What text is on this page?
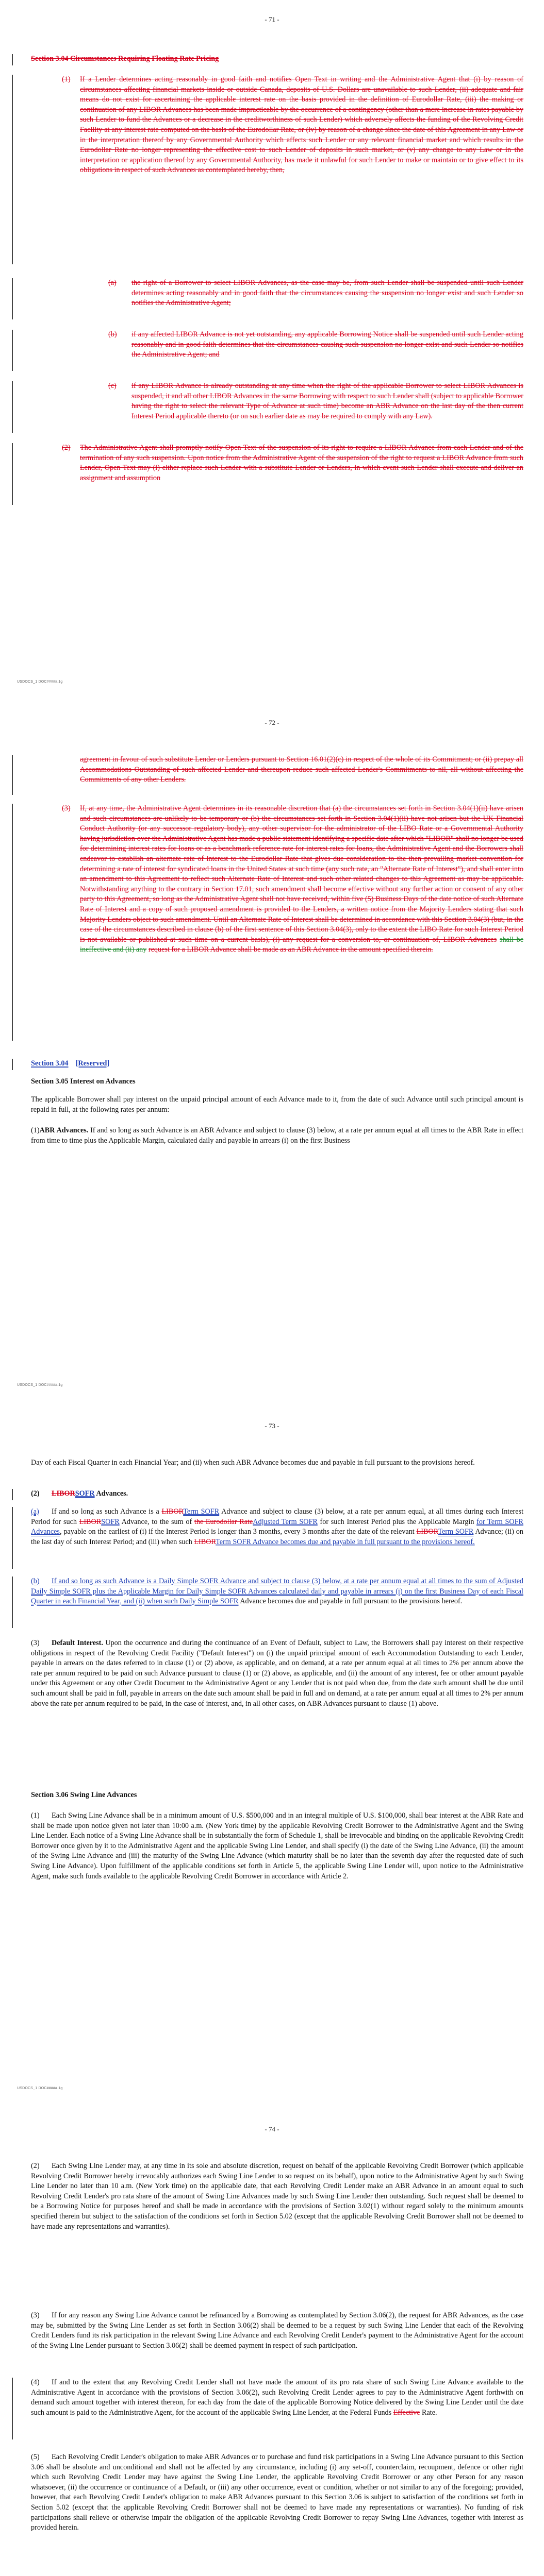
- 71 -

Section 3.04 Circumstances Requiring Floating Rate Pricing

(1) If a Lender determines acting reasonably in good faith and notifies Open Text in writing and the Administrative Agent that (i) by reason of circumstances affecting financial markets inside or outside Canada, deposits of U.S. Dollars are unavailable to such Lender, (ii) adequate and fair means do not exist for ascertaining the applicable interest rate on the basis provided in the definition of Eurodollar Rate, (iii) the making or continuation of any LIBOR Advances has been made impracticable by the occurrence of a contingency (other than a mere increase in rates payable by such Lender to fund the Advances or a decrease in the creditworthiness of such Lender) which adversely affects the funding of the Revolving Credit Facility at any interest rate computed on the basis of the Eurodollar Rate, or (iv) by reason of a change since the date of this Agreement in any Law or in the interpretation thereof by any Governmental Authority which affects such Lender or any relevant financial market and which results in the Eurodollar Rate no longer representing the effective cost to such Lender of deposits in such market, or (v) any change to any Law or in the interpretation or application thereof by any Governmental Authority, has made it unlawful for such Lender to make or maintain or to give effect to its obligations in respect of such Advances as contemplated hereby, then,

(a) the right of a Borrower to select LIBOR Advances, as the case may be, from such Lender shall be suspended until such Lender determines acting reasonably and in good faith that the circumstances causing the suspension no longer exist and such Lender so notifies the Administrative Agent;

(b) if any affected LIBOR Advance is not yet outstanding, any applicable Borrowing Notice shall be suspended until such Lender acting reasonably and in good faith determines that the circumstances causing such suspension no longer exist and such Lender so notifies the Administrative Agent; and

(c) if any LIBOR Advance is already outstanding at any time when the right of the applicable Borrower to select LIBOR Advances is suspended, it and all other LIBOR Advances in the same Borrowing with respect to such Lender shall (subject to applicable Borrower having the right to select the relevant Type of Advance at such time) become an ABR Advance on the last day of the then current Interest Period applicable thereto (or on such earlier date as may be required to comply with any Law).

(2) The Administrative Agent shall promptly notify Open Text of the suspension of its right to require a LIBOR Advance from each Lender and of the termination of any such suspension. Upon notice from the Administrative Agent of the suspension of the right to request a LIBOR Advance from such Lender, Open Text may (i) either replace such Lender with a substitute Lender or Lenders, in which event such Lender shall execute and deliver an assignment and assumption

USDOCS_1 DOC#####.1g
- 72 -

agreement in favour of such substitute Lender or Lenders pursuant to Section 16.01(2)(c) in respect of the whole of its Commitment; or (ii) prepay all Accommodations Outstanding of such affected Lender and thereupon reduce such affected Lender's Commitments to nil, all without affecting the Commitments of any other Lenders.

(3) If, at any time, the Administrative Agent determines in its reasonable discretion that (a) the circumstances set forth in Section 3.04(1)(ii) have arisen and such circumstances are unlikely to be temporary or (b) the circumstances set forth in Section 3.04(1)(ii) have not arisen but the UK Financial Conduct Authority (or any successor regulatory body), any other supervisor for the administrator of the LIBO Rate or a Governmental Authority having jurisdiction over the Administrative Agent has made a public statement identifying a specific date after which "LIBOR" shall no longer be used for determining interest rates for loans or as a benchmark reference rate for interest rates for loans, the Administrative Agent and the Borrowers shall endeavor to establish an alternate rate of interest to the Eurodollar Rate that gives due consideration to the then prevailing market convention for determining a rate of interest for syndicated loans in the United States at such time (any such rate, an "Alternate Rate of Interest"), and shall enter into an amendment to this Agreement to reflect such Alternate Rate of Interest and such other related changes to this Agreement as may be applicable. Notwithstanding anything to the contrary in Section 17.01, such amendment shall become effective without any further action or consent of any other party to this Agreement, so long as the Administrative Agent shall not have received, within five (5) Business Days of the date notice of such Alternate Rate of Interest and a copy of such proposed amendment is provided to the Lenders, a written notice from the Majority Lenders stating that such Majority Lenders object to such amendment. Until an Alternate Rate of Interest shall be determined in accordance with this Section 3.04(3) (but, in the case of the circumstances described in clause (b) of the first sentence of this Section 3.04(3), only to the extent the LIBO Rate for such Interest Period is not available or published at such time on a current basis), (i) any request for a conversion to, or continuation of, LIBOR Advances shall be ineffective and (ii) any request for a LIBOR Advance shall be made as an ABR Advance in the amount specified therein.

Section 3.04 [Reserved]

Section 3.05 Interest on Advances

The applicable Borrower shall pay interest on the unpaid principal amount of each Advance made to it, from the date of such Advance until such principal amount is repaid in full, at the following rates per annum:

(1)ABR Advances. If and so long as such Advance is an ABR Advance and subject to clause (3) below, at a rate per annum equal at all times to the ABR Rate in effect from time to time plus the Applicable Margin, calculated daily and payable in arrears (i) on the first Business

USDOCS_1 DOC#####.1g
- 73 -

Day of each Fiscal Quarter in each Financial Year; and (ii) when such ABR Advance becomes due and payable in full pursuant to the provisions hereof.

(2) LIBORSOFR Advances.

(a) If and so long as such Advance is a LIBORTerm SOFR Advance and subject to clause (3) below, at a rate per annum equal, at all times during each Interest Period for such LIBORSOFR Advance, to the sum of the Eurodollar RateAdjusted Term SOFR for such Interest Period plus the Applicable Margin for Term SOFR Advances, payable on the earliest of (i) if the Interest Period is longer than 3 months, every 3 months after the date of the relevant LIBORTerm SOFR Advance; (ii) on the last day of such Interest Period; and (iii) when such LIBORTerm SOFR Advance becomes due and payable in full pursuant to the provisions hereof.

(b) If and so long as such Advance is a Daily Simple SOFR Advance and subject to clause (3) below, at a rate per annum equal at all times to the sum of Adjusted Daily Simple SOFR plus the Applicable Margin for Daily Simple SOFR Advances calculated daily and payable in arrears (i) on the first Business Day of each Fiscal Quarter in each Financial Year, and (ii) when such Daily Simple SOFR Advance becomes due and payable in full pursuant to the provisions hereof.

(3) Default Interest. Upon the occurrence and during the continuance of an Event of Default, subject to Law, the Borrowers shall pay interest on their respective obligations in respect of the Revolving Credit Facility ("Default Interest") on (i) the unpaid principal amount of each Accommodation Outstanding to each Lender, payable in arrears on the dates referred to in clause (1) or (2) above, as applicable, and on demand, at a rate per annum equal at all times to 2% per annum above the rate per annum required to be paid on such Advance pursuant to clause (1) or (2) above, as applicable, and (ii) the amount of any interest, fee or other amount payable under this Agreement or any other Credit Document to the Administrative Agent or any Lender that is not paid when due, from the date such amount shall be due until such amount shall be paid in full, payable in arrears on the date such amount shall be paid in full and on demand, at a rate per annum equal at all times to 2% per annum above the rate per annum required to be paid, in the case of interest, and, in all other cases, on ABR Advances pursuant to clause (1) above.

Section 3.06 Swing Line Advances

(1) Each Swing Line Advance shall be in a minimum amount of U.S. $500,000 and in an integral multiple of U.S. $100,000, shall bear interest at the ABR Rate and shall be made upon notice given not later than 10:00 a.m. (New York time) by the applicable Revolving Credit Borrower to the Administrative Agent and the Swing Line Lender. Each notice of a Swing Line Advance shall be in substantially the form of Schedule 1, shall be irrevocable and binding on the applicable Revolving Credit Borrower once given by it to the Administrative Agent and the applicable Swing Line Lender, and shall specify (i) the date of the Swing Line Advance, (ii) the amount of the Swing Line Advance and (iii) the maturity of the Swing Line Advance (which maturity shall be no later than the seventh day after the requested date of such Swing Line Advance). Upon fulfillment of the applicable conditions set forth in Article 5, the applicable Swing Line Lender will, upon notice to the Administrative Agent, make such funds available to the applicable Revolving Credit Borrower in accordance with Article 2.

USDOCS_1 DOC#####.1g
- 74 -

(2) Each Swing Line Lender may, at any time in its sole and absolute discretion, request on behalf of the applicable Revolving Credit Borrower (which applicable Revolving Credit Borrower hereby irrevocably authorizes each Swing Line Lender to so request on its behalf), upon notice to the Administrative Agent by such Swing Line Lender no later than 10 a.m. (New York time) on the applicable date, that each Revolving Credit Lender make an ABR Advance in an amount equal to such Revolving Credit Lender's pro rata share of the amount of Swing Line Advances made by such Swing Line Lender then outstanding. Such request shall be deemed to be a Borrowing Notice for purposes hereof and shall be made in accordance with the provisions of Section 3.02(1) without regard solely to the minimum amounts specified therein but subject to the satisfaction of the conditions set forth in Section 5.02 (except that the applicable Revolving Credit Borrower shall not be deemed to have made any representations and warranties).

(3) If for any reason any Swing Line Advance cannot be refinanced by a Borrowing as contemplated by Section 3.06(2), the request for ABR Advances, as the case may be, submitted by the Swing Line Lender as set forth in Section 3.06(2) shall be deemed to be a request by such Swing Line Lender that each of the Revolving Credit Lenders fund its risk participation in the relevant Swing Line Advance and each Revolving Credit Lender's payment to the Administrative Agent for the account of the Swing Line Lender pursuant to Section 3.06(2) shall be deemed payment in respect of such participation.

(4) If and to the extent that any Revolving Credit Lender shall not have made the amount of its pro rata share of such Swing Line Advance available to the Administrative Agent in accordance with the provisions of Section 3.06(2), such Revolving Credit Lender agrees to pay to the Administrative Agent forthwith on demand such amount together with interest thereon, for each day from the date of the applicable Borrowing Notice delivered by the Swing Line Lender until the date such amount is paid to the Administrative Agent, for the account of the applicable Swing Line Lender, at the Federal Funds Effective Rate.

(5) Each Revolving Credit Lender's obligation to make ABR Advances or to purchase and fund risk participations in a Swing Line Advance pursuant to this Section 3.06 shall be absolute and unconditional and shall not be affected by any circumstance, including (i) any set-off, counterclaim, recoupment, defence or other right which such Revolving Credit Lender may have against the Swing Line Lender, the applicable Revolving Credit Borrower or any other Person for any reason whatsoever, (ii) the occurrence or continuance of a Default, or (iii) any other occurrence, event or condition, whether or not similar to any of the foregoing; provided, however, that each Revolving Credit Lender's obligation to make ABR Advances pursuant to this Section 3.06 is subject to satisfaction of the conditions set forth in Section 5.02 (except that the applicable Revolving Credit Borrower shall not be deemed to have made any representations or warranties). No funding of risk participations shall relieve or otherwise impair the obligation of the applicable Revolving Credit Borrower to repay Swing Line Advances, together with interest as provided herein.
